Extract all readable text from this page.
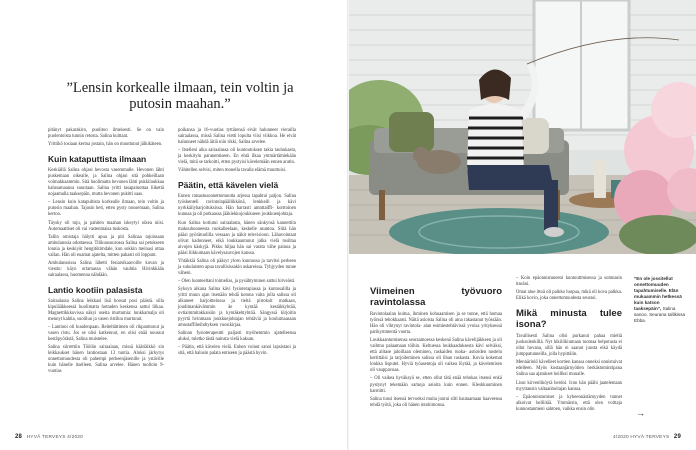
”Lensin korkealle ilmaan, tein voltin ja putosin maahan.”

pitänyt pakarakiro, puolitoo ilmeisesti. Se on vain puolentoista tunnin retosta. Salina kuittaat.

Yrittikö tosiaan kertoa jostain, hän on muuttunut jälkikäteen.

Kuin kataputtista ilmaan

Keskiällä Salina ohjasi hevosta vasemmalle. Hevonen lähti puskemaan oikealle, ja Salina ohjasi sitä pohkeillaan voimakkaammin. Sitä huolimatta hevonen lähti pukkilaukkaa halusamaansa suuntaan. Salina yritti tasapainottaa liikettä nojaamalla taaksepäin, mutta hevonen pukitti saas.

– Lensin kuin katapultista korkealle ilmaan, tein voltin ja putosin maahan. Tajusin heti, etten pysty nousemaan, Salina kertoo.

Täysky oli tuju, ja pahiten maahan iskeytyi oikea niisi. Automaattiset oli vai vastenmaisa tuskosta.

Tallin omistaja hälytti apua ja piti Salinaa tajuissaan ambulanssia odottaessa. Tilikuusuurossa Salina sai petokseen lonnia ja keskiyöt hengitötimdale, kun sokkin meinasi ottaa vallan. Hän oli euamat ajatelta, mitten pahasti oli loppunt.

Ambulanssissa Salina lähetti fesiarsikaavoille kuvan ja viestin: käyn ortamassa vähän vauhtia Hivinkkään sairaalassa, huomenna nähdään.

Lantio kootiin palasista

Sairaalassa Salina leikkasi lisä hoosat posi päästä. silla kipulääkkeessä huolimatta hottaden keskensa sattui liikaa. Magnettikkkuvissa näkyi useita murtumia: lonkkamalja oli mennyt kahtia, suoliluu ja vasen ristiluu murtunut.

– Lantioni oli kuudenpaan. Reiteltättimen oli rikpanttonut ja vasen ristu. Jos se olisi katkennut, en olisi enää noussut kestäpyörästä, Salina muistelee.

Salina siirrettiin Töölön sairaalaan, missä häätiäikkö sin leikkaukset hänen lantiostaan 13 tuntia. Aluksi järkytys onnettomuudesta oli pahempi perheenjäsenille ja ystäville kuin hänelle itselleen. Salina arvelee. Hänen tuolloin 9-vuotias

poikansa ja 16-vuotias tyttärensä eivät halunneet vierailla sairaalassa, missä Salina vietti lopulta viisi viikkoa. He eivät halunneet nähdä äitiä niin rikki, Salina arvelee.

– Itselleni aika sairaalassa oli kuntoutuksen takia tauhukasta, ja keskityin paranemiseen. En ehtä ilkaa ymmärtämiekään vielä, mitä se tarkoitti, etten pystyisi kävelemään ennen aratin.

Vähitellen selvisi, miten monella tavalla elämä muuttuisi.

Päätin, että kävelen vielä

Ennen ratsastusonnettomuutta arjessa tapahtui paljon. Salina työskenteli ravintolapäällikkönä, lenkkeili ja kävi nyrkkäilyharjoituksissa. Hän harrasti amnttaiffi- korttoinen kunnaa ja oli potkaassa jääkiekkojoukkueen joukkuenjohtaja.

Kun Salina kotiutui sairaalasta, hänen sänkynsä kannettiin makuuhuoneesta ruokalleelaan, keskelle asuntoa. Siitä hän pääsi pyörätuolilla vessaan ja näkit televisioon. Lähavointaat olivat kadonneet, eikä loukkaantunut jalka vielä tosiltaa aivojen käskyjä. Pikku hiljaa hän sai varata vähe painoa ja pääsi liikkumaan kävelysauvojen kanssa.

Yhtäkkiä Salina oli pääsyt ylcen kunnossa ja tarvitsi perheen ja sukulaisten apua tavallisissakin askareissa. Tyhjyyden tunne väheni.

– Olen luonteeltani toimelias, ja pysähtyminen sattui hirveästi.

Syksyn aikana Salina kävi fysioterapiassa ja kuntosalilla ja yritti muun ajan itsenään tehdä kotona valta jolla salissa oli alkaneet harjoittelussa ja tieltä pirtoksit matkaan, joudimankävämmin äe kyntää kestähkyhtää, ovtiaimmitakkaisiin ja kyntäkehtyhtöä. Sängyssä kirjoitin pyyrtä hvinmaan joukkuejohtajan tehtäviä ja koulumaasaan amostaffiheihdtyksen vuosikirjaa.

Salinan fysioterapeutti paljasti myöhemmin ajatelleensa aluksi, tuletko tästä nainsta vielä kaksan.

– Päätin, että kävelen vielä. Enhen voinut sanoi lapsistani ja sitä, että halusin palata entiseen ja päästä hyvin.

Viimeinen työvuoro ravintolassa

Ravintolaalan kuitua, ihminen kohuaamisen ja se tunne, että homaa työrssä tehokkaasti. Näitä asioista Salina oli aina rakastanut työssään. Hän oli vihtynyt ravintola- alan esimiestehtävissä yvoisa yrityksessä parikymmentä vuotta.

Loukkaantumisensa seuraamoessa keskenä Salina kävelijäkkeen ja oli vaihtnu palaamaan töihin. Keltuessa loukkaaduksesta kävi selväksi, että alitase jaloillaan oleminen, raskaiden ruoka- astioiden nostelu kertittäisi ja tarjoileminen salissa oli lihan raskasta. Kuvia kokemat lonkka lisputel. Hyviä työasentoja oli vaikea löytää, ja kävelemisen oli vauppavuaa.

– Oli vaikea hyväksyä se, etten ollut tätä enää tehokas itsensi enkä pystynyt tekemään samoja asioita kuin ennen. Kleskkuuminen harmitti.

Salina tunsi itsensä tervoeksi muita joutui silti hautaamaan haaveensa tehdä työtä, joka oli hänen intohimonsa.

– Koin epäonnistuneeni kuntouttmisessa ja somnasin itseäni.

Omat alue ittoä oli paikko luopua, mikä oli kova palkka. Elikä kovin, joka onnettomuudesta seurasi.

Mikä minusta tulee isona?

Tavallisesti Salina olisi purkanut pahaa mieltä juoksulenkillä. Nyt hikiilikiumaan tuomaa helpotusta ei ollut hovana, sillä hän ei saanut juosta eikä käydä jumppatunneilla, jolla hypittäiin.

Mennärinlö kävelleet kortien kanssa onneksi onnistuivat edelleen. Myös kostaanjärnyötien herkästomintipana Salina saa ajatukset heillksi muualle.

Lisut kirvenliköytä herdoi. Icon hän päähi jaatelemaan myyttansin valtaanhoitajan kanssa.

– Epäonnistumiset ja kyheennästämyyden tunnet alkoivat helliitää. Ymmärsin, että olen voittaja kunnostanmeni sahtoen, vaikka ensin olin

”En ole jossitellut onnettomuuden tapahtumiselle. Elän mukaammin hetkessä kuin katson taaksepäin”, Salina sanoo. Seurana tallikissa Ebba.
→
28 HYVÄ TERVEYS 4/2020	4/2020 HYVÄ TERVEYS 29
